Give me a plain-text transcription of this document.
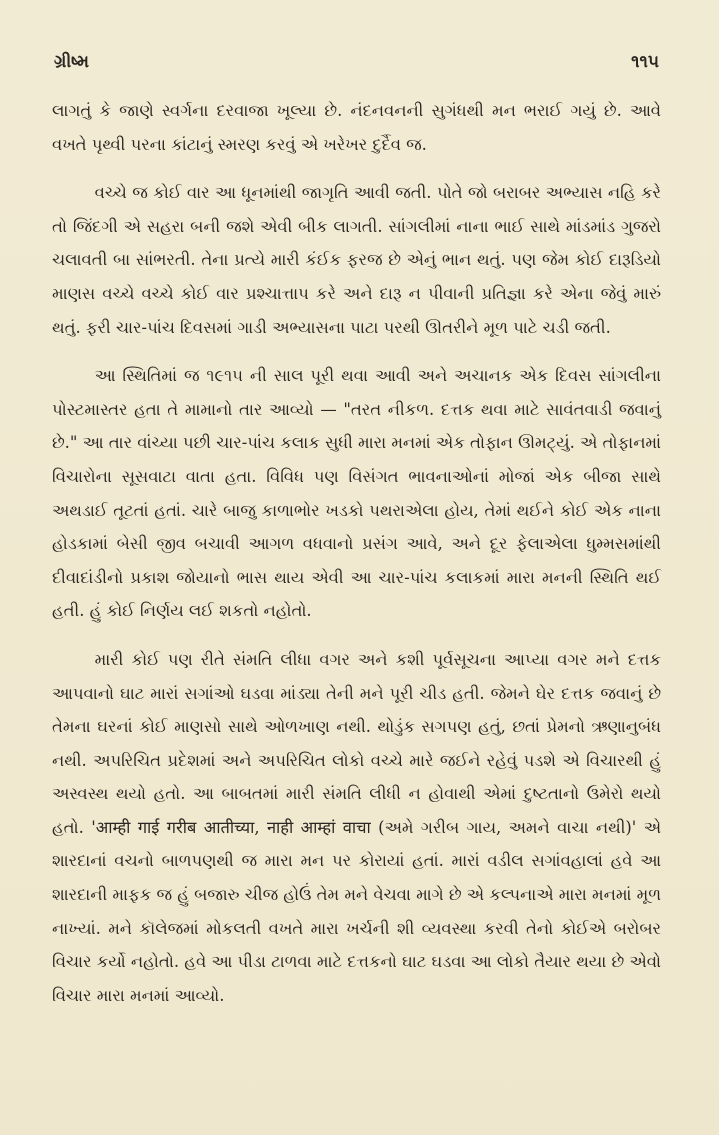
ગ્રીષ્મ	૧૧૫

લાગતું કે જાણે સ્વર્ગના દરવાજા ખૂલ્યા છે. નંદનવનની સુગંધથી મન ભરાઈ ગયું છે. આવે વખતે પૃથ્વી પરના કાંટાનું સ્મરણ કરવું એ ખરેખર દુર્દૈવ જ.

વચ્ચે જ કોઈ વાર આ ધૂનમાંથી જાગૃતિ આવી જતી. પોતે જો બરાબર અભ્યાસ નહિ કરે તો જિંદગી એ સહરા બની જશે એવી બીક લાગતી. સાંગલીમાં નાના ભાઈ સાથે માંડમાંડ ગુજરો ચલાવતી બા સાંભરતી. તેના પ્રત્યે મારી કંઈક ફરજ છે એનું ભાન થતું. પણ જેમ કોઈ દારૂડિયો માણસ વચ્ચે વચ્ચે કોઈ વાર પ્રશ્ચાત્તાપ કરે અને દારૂ ન પીવાની પ્રતિજ્ઞા કરે એના જેવું મારું થતું. ફરી ચાર-પાંચ દિવસમાં ગાડી અભ્યાસના પાટા પરથી ઊતરીને મૂળ પાટે ચડી જતી.

આ સ્થિતિમાં જ ૧૯૧૫ ની સાલ પૂરી થવા આવી અને અચાનક એક દિવસ સાંગલીના પોસ્ટમાસ્તર હતા તે મામાનો તાર આવ્યો — "તરત નીકળ. દત્તક થવા માટે સાવંતવાડી જવાનું છે." આ તાર વાંચ્યા પછી ચાર-પાંચ કલાક સુધી મારા મનમાં એક તોફાન ઊમટ્યું. એ તોફાનમાં વિચારોના સૂસવાટા વાતા હતા. વિવિધ પણ વિસંગત ભાવનાઓનાં મોજાં એક બીજા સાથે અથડાઈ તૂટતાં હતાં. ચારે બાજુ કાળાભોર ખડકો પથરાએલા હોય, તેમાં થઈને કોઈ એક નાના હોડકામાં બેસી જીવ બચાવી આગળ વધવાનો પ્રસંગ આવે, અને દૂર ફેલાએલા ધુમ્મસમાંથી દીવાદાંડીનો પ્રકાશ જોયાનો ભાસ થાય એવી આ ચાર-પાંચ કલાકમાં મારા મનની સ્થિતિ થઈ હતી. હું કોઈ નિર્ણય લઈ શકતો નહોતો.

મારી કોઈ પણ રીતે સંમતિ લીધા વગર અને કશી પૂર્વસૂચના આપ્યા વગર મને દત્તક આપવાનો ઘાટ મારાં સગાંઓ ઘડવા માંડ્યા તેની મને પૂરી ચીડ હતી. જેમને ઘેર દત્તક જવાનું છે તેમના ઘરનાં કોઈ માણસો સાથે ઓળખાણ નથી. થોડુંક સગપણ હતું, છતાં પ્રેમનો ઋણાનુબંધ નથી. અપરિચિત પ્રદેશમાં અને અપરિચિત લોકો વચ્ચે મારે જઈને રહેવું પડશે એ વિચારથી હું અસ્વસ્થ થયો હતો. આ બાબતમાં મારી સંમતિ લીધી ન હોવાથી એમાં દુષ્ટતાનો ઉમેરો થયો હતો. 'आम्ही गाई गरीब आतीच्या, नाही आम्हां वाचा (અમે ગરીબ ગાય, અમને વાચા નથી)' એ શારદાનાં વચનો બાળપણથી જ મારા મન પર કોરાયાં હતાં. મારાં વડીલ સગાંવહાલાં હવે આ શારદાની માફક જ હું બજારુ ચીજ હોઉં તેમ મને વેચવા માગે છે એ કલ્પનાએ મારા મનમાં મૂળ નાખ્યાં. મને કૉલેજમાં મોકલતી વખતે મારા ખર્ચની શી વ્યવસ્થા કરવી તેનો કોઈએ બરોબર વિચાર કર્યો નહોતો. હવે આ પીડા ટાળવા માટે દત્તકનો ઘાટ ઘડવા આ લોકો તૈયાર થયા છે એવો વિચાર મારા મનમાં આવ્યો.
